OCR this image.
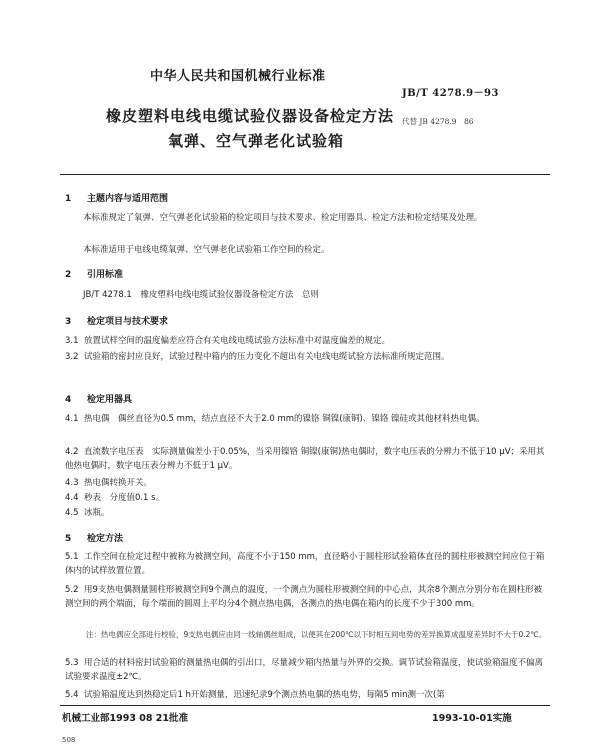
中华人民共和国机械行业标准
JB/T 4278.9－93
橡皮塑料电线电缆试验仪器设备检定方法 代替 JB 4278.9　86
氧弹、空气弹老化试验箱
1 主题内容与适用范围
本标准规定了氧弹、空气弹老化试验箱的检定项目与技术要求、检定用器具、检定方法和检定结果及处理。
本标准适用于电线电缆氧弹、空气弹老化试验箱工作空间的检定。
2 引用标准
JB/T 4278.1　橡皮塑料电线电缆试验仪器设备检定方法　总则
3 检定项目与技术要求
3.1 放置试样空间的温度偏差应符合有关电线电缆试验方法标准中对温度偏差的规定。
3.2 试验箱的密封应良好，试验过程中箱内的压力变化不超出有关电线电缆试验方法标准所规定范围。
4 检定用器具
4.1 热电偶　偶丝直径为0.5 mm，结点直径不大于2.0 mm的镍铬 铜镍(康铜)、镍铬 镍硅或其他材料热电偶。
4.2 直流数字电压表　实际测量偏差小于0.05%，当采用镍铬 铜镍(康铜)热电偶时，数字电压表的分辨力不低于10 μV；采用其他热电偶时，数字电压表分辨力不低于1 μV。
4.3 热电偶转换开关。
4.4 秒表　分度值0.1 s。
4.5 冰瓶。
5 检定方法
5.1 工作空间在检定过程中被称为被测空间，高度不小于150 mm，直径略小于圆柱形试验箱体直径的圆柱形被测空间应位于箱体内的试样放置位置。
5.2 用9支热电偶测量圆柱形被测空间9个测点的温度，一个测点为圆柱形被测空间的中心点，其余8个测点分别分布在圆柱形被测空间的两个端面，每个端面的圆周上平均分4个测点热电偶，各测点的热电偶在箱内的长度不少于300 mm。
注：热电偶应全部进行校验，9支热电偶应由同一线轴偶丝组成，以便其在200℃以下时相互间电势的差异换算成温度差异时不大于0.2℃。
5.3 用合适的材料密封试验箱的测量热电偶的引出口，尽量减少箱内热量与外界的交换。调节试验箱温度，使试验箱温度不偏离试验要求温度±2℃。
5.4 试验箱温度达到热稳定后1 h开始测量，迅速纪录9个测点热电偶的热电势，每隔5 min测一次(第
机械工业部1993 08 21批准	1993-10-01实施
508
